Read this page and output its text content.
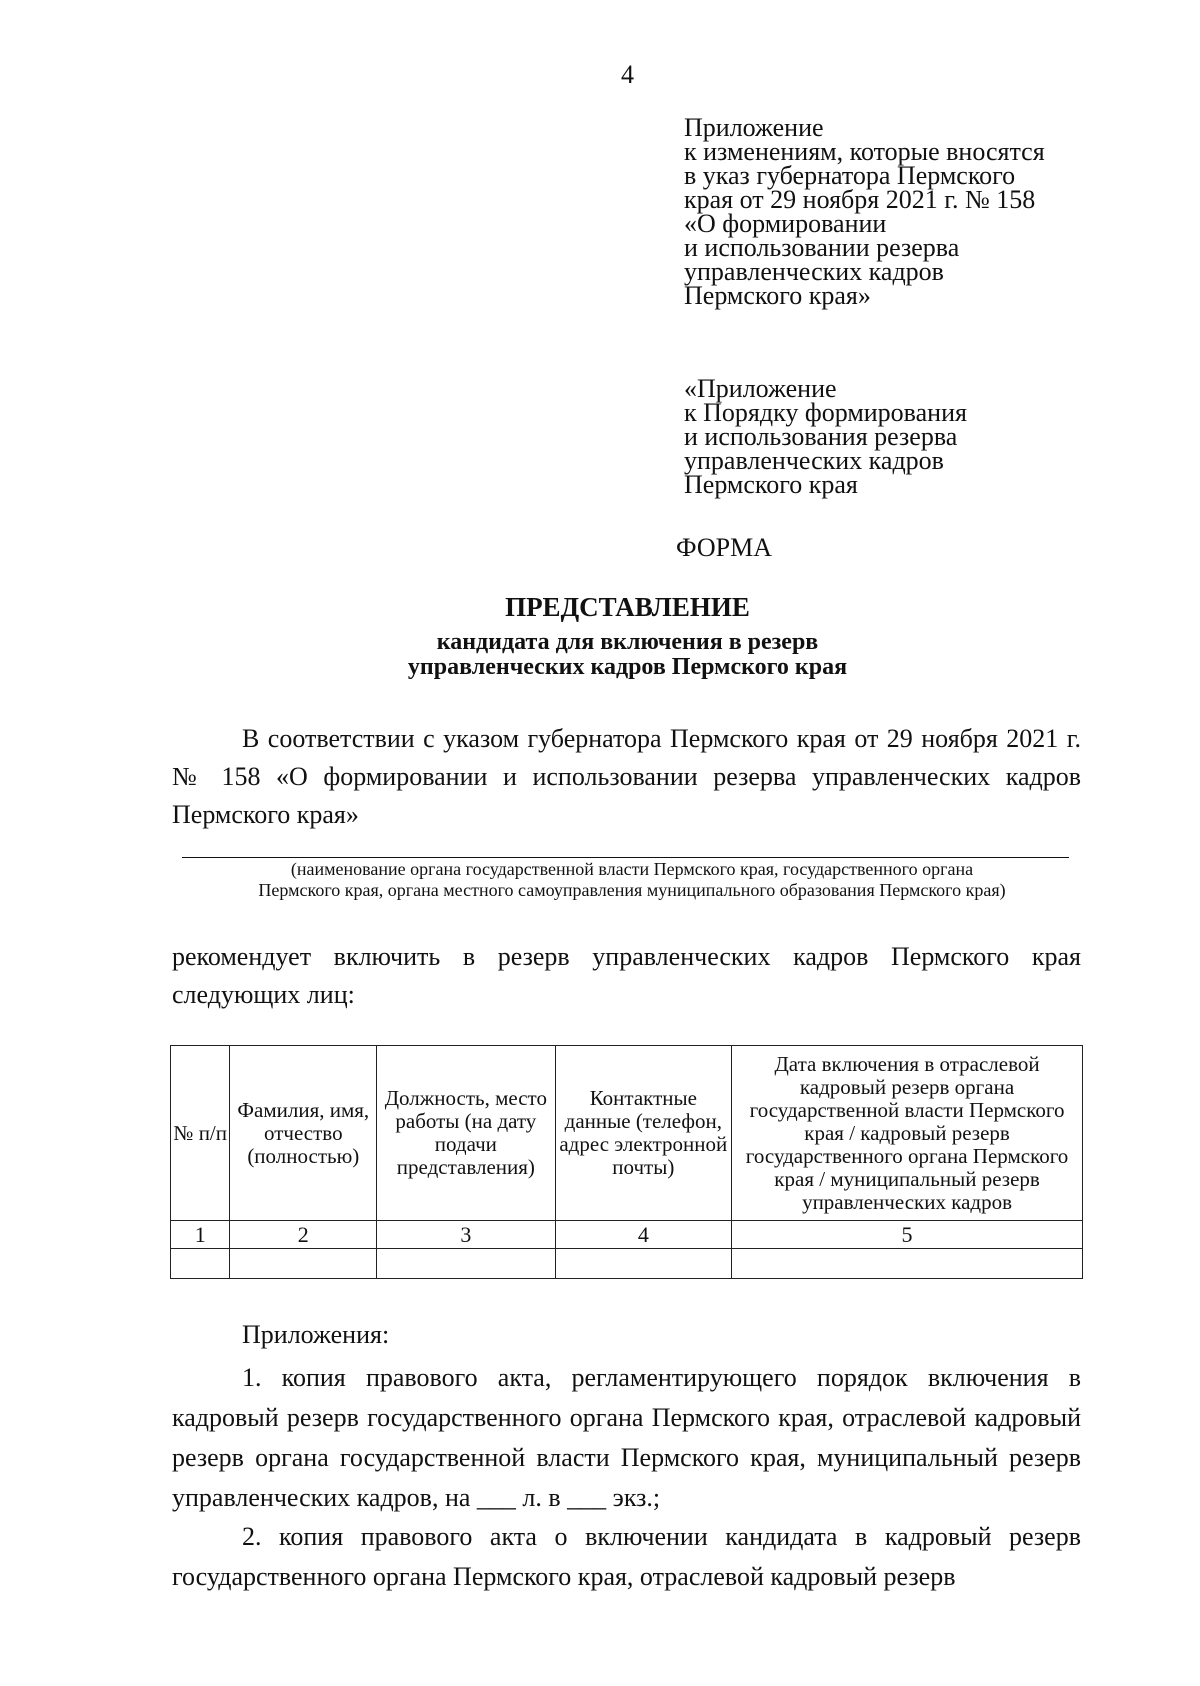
4
Приложение
к изменениям, которые вносятся
в указ губернатора Пермского
края от 29 ноября 2021 г. № 158
«О формировании
и использовании резерва
управленческих кадров
Пермского края»
«Приложение
к Порядку формирования
и использования резерва
управленческих кадров
Пермского края
ФОРМА
ПРЕДСТАВЛЕНИЕ
кандидата для включения в резерв
управленческих кадров Пермского края
В соответствии с указом губернатора Пермского края от 29 ноября 2021 г. № 158 «О формировании и использовании резерва управленческих кадров Пермского края»
(наименование органа государственной власти Пермского края, государственного органа
Пермского края, органа местного самоуправления муниципального образования Пермского края)
рекомендует включить в резерв управленческих кадров Пермского края следующих лиц:
№ п/п	Фамилия, имя, отчество (полностью)	Должность, место работы (на дату подачи представления)	Контактные данные (телефон, адрес электронной почты)	Дата включения в отраслевой кадровый резерв органа государственной власти Пермского края / кадровый резерв государственного органа Пермского края / муниципальный резерв управленческих кадров
1	2	3	4	5

Приложения:
1. копия правового акта, регламентирующего порядок включения в кадровый резерв государственного органа Пермского края, отраслевой кадровый резерв органа государственной власти Пермского края, муниципальный резерв управленческих кадров, на ___ л. в ___ экз.;
2. копия правового акта о включении кандидата в кадровый резерв государственного органа Пермского края, отраслевой кадровый резерв
